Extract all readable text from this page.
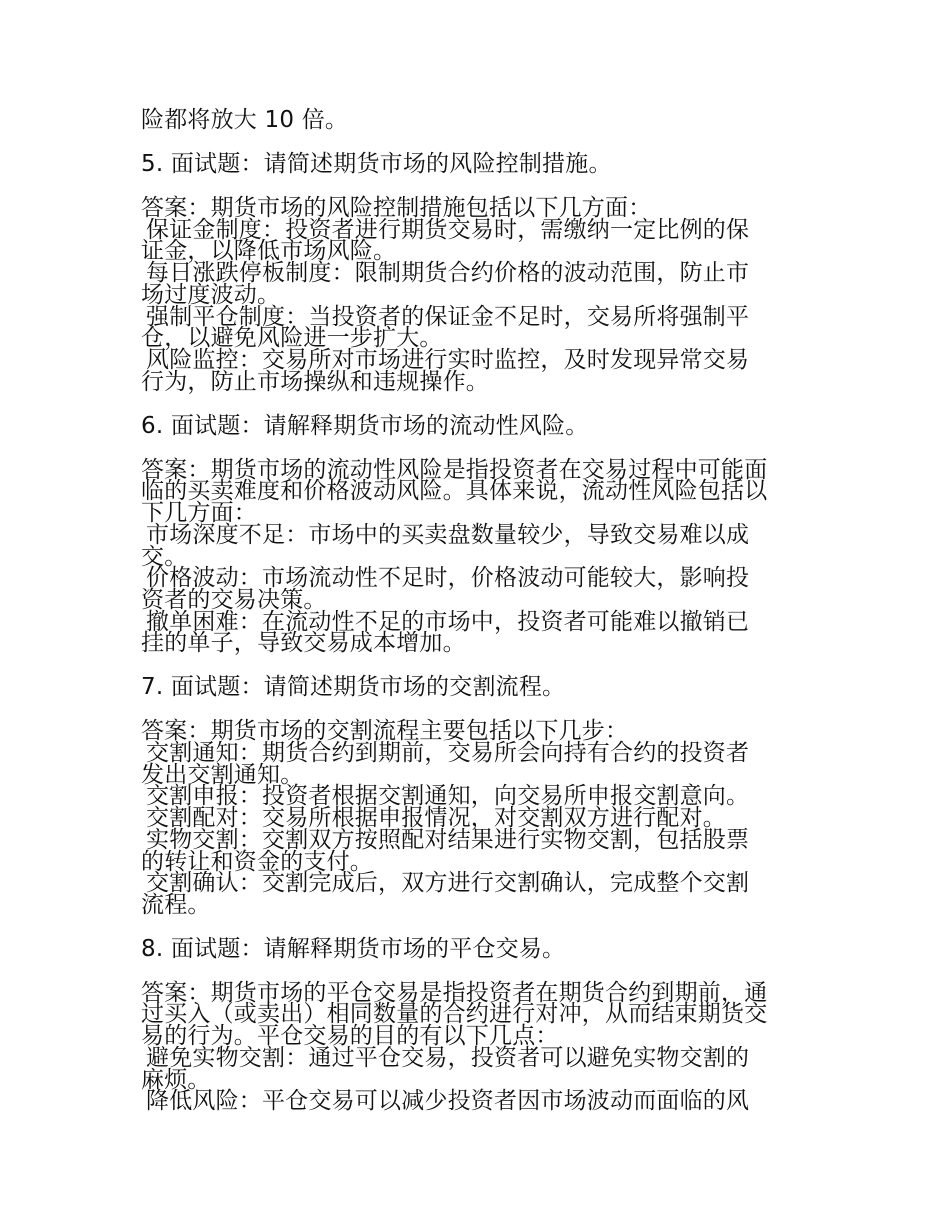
险都将放大 10 倍。

5. 面试题：请简述期货市场的风险控制措施。

答案：期货市场的风险控制措施包括以下几方面：

保证金制度：投资者进行期货交易时，需缴纳一定比例的保

证金，以降低市场风险。

每日涨跌停板制度：限制期货合约价格的波动范围，防止市

场过度波动。

强制平仓制度：当投资者的保证金不足时，交易所将强制平

仓，以避免风险进一步扩大。

风险监控：交易所对市场进行实时监控，及时发现异常交易

行为，防止市场操纵和违规操作。

6. 面试题：请解释期货市场的流动性风险。

答案：期货市场的流动性风险是指投资者在交易过程中可能面

临的买卖难度和价格波动风险。具体来说，流动性风险包括以

下几方面：

市场深度不足：市场中的买卖盘数量较少，导致交易难以成

交。

价格波动：市场流动性不足时，价格波动可能较大，影响投

资者的交易决策。

撤单困难：在流动性不足的市场中，投资者可能难以撤销已

挂的单子，导致交易成本增加。

7. 面试题：请简述期货市场的交割流程。

答案：期货市场的交割流程主要包括以下几步：

交割通知：期货合约到期前，交易所会向持有合约的投资者

发出交割通知。

交割申报：投资者根据交割通知，向交易所申报交割意向。

交割配对：交易所根据申报情况，对交割双方进行配对。

实物交割：交割双方按照配对结果进行实物交割，包括股票

的转让和资金的支付。

交割确认：交割完成后，双方进行交割确认，完成整个交割

流程。

8. 面试题：请解释期货市场的平仓交易。

答案：期货市场的平仓交易是指投资者在期货合约到期前，通

过买入（或卖出）相同数量的合约进行对冲，从而结束期货交

易的行为。平仓交易的目的有以下几点：

避免实物交割：通过平仓交易，投资者可以避免实物交割的

麻烦。

降低风险：平仓交易可以减少投资者因市场波动而面临的风
